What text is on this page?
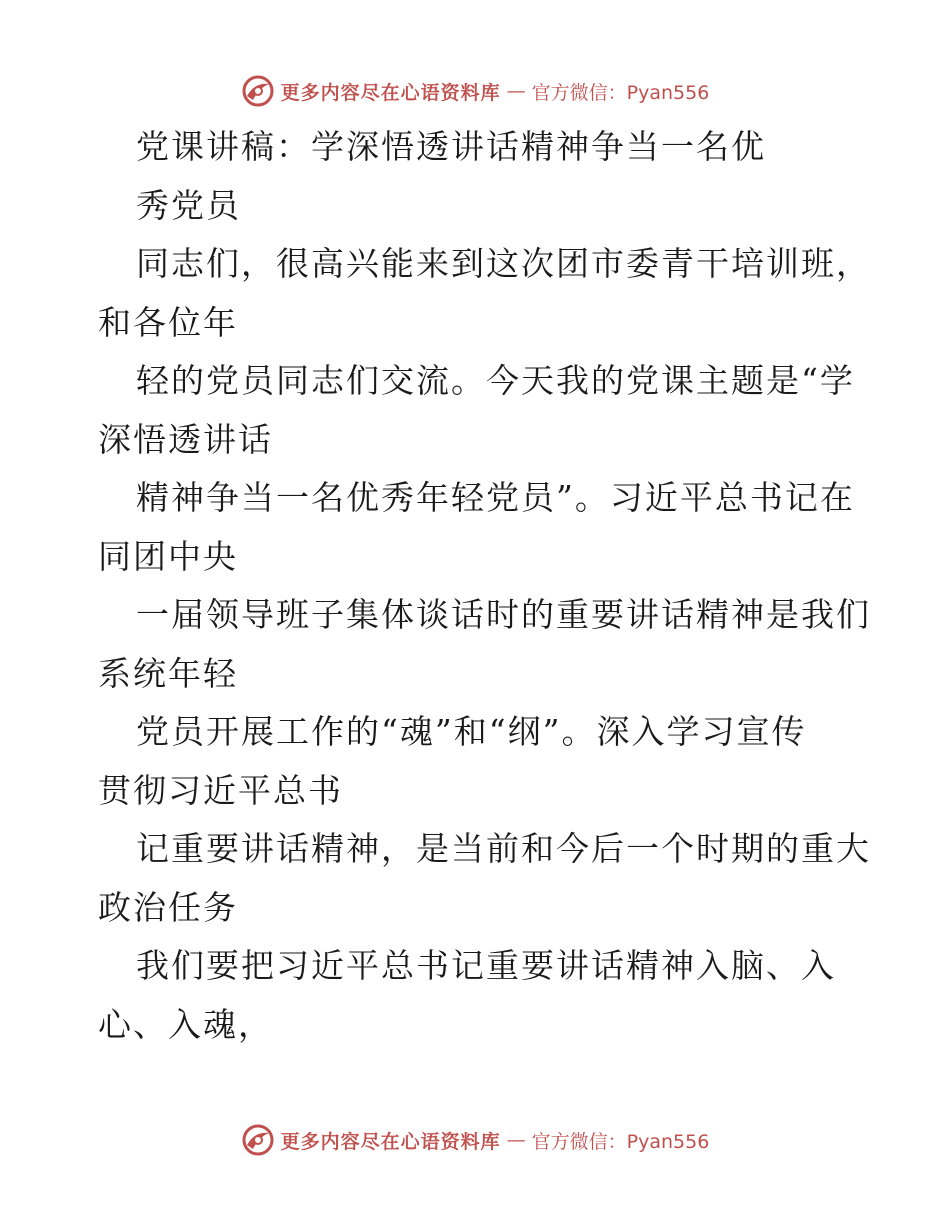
更多内容尽在心语资料库 — 官方微信：Pyan556
党课讲稿：学深悟透讲话精神争当一名优
秀党员
同志们，很高兴能来到这次团市委青干培训班，
和各位年
轻的党员同志们交流。今天我的党课主题是“学
深悟透讲话
精神争当一名优秀年轻党员”。习近平总书记在
同团中央
一届领导班子集体谈话时的重要讲话精神是我们
系统年轻
党员开展工作的“魂”和“纲”。深入学习宣传
贯彻习近平总书
记重要讲话精神，是当前和今后一个时期的重大
政治任务
我们要把习近平总书记重要讲话精神入脑、入
心、入魂，
更多内容尽在心语资料库 — 官方微信：Pyan556
